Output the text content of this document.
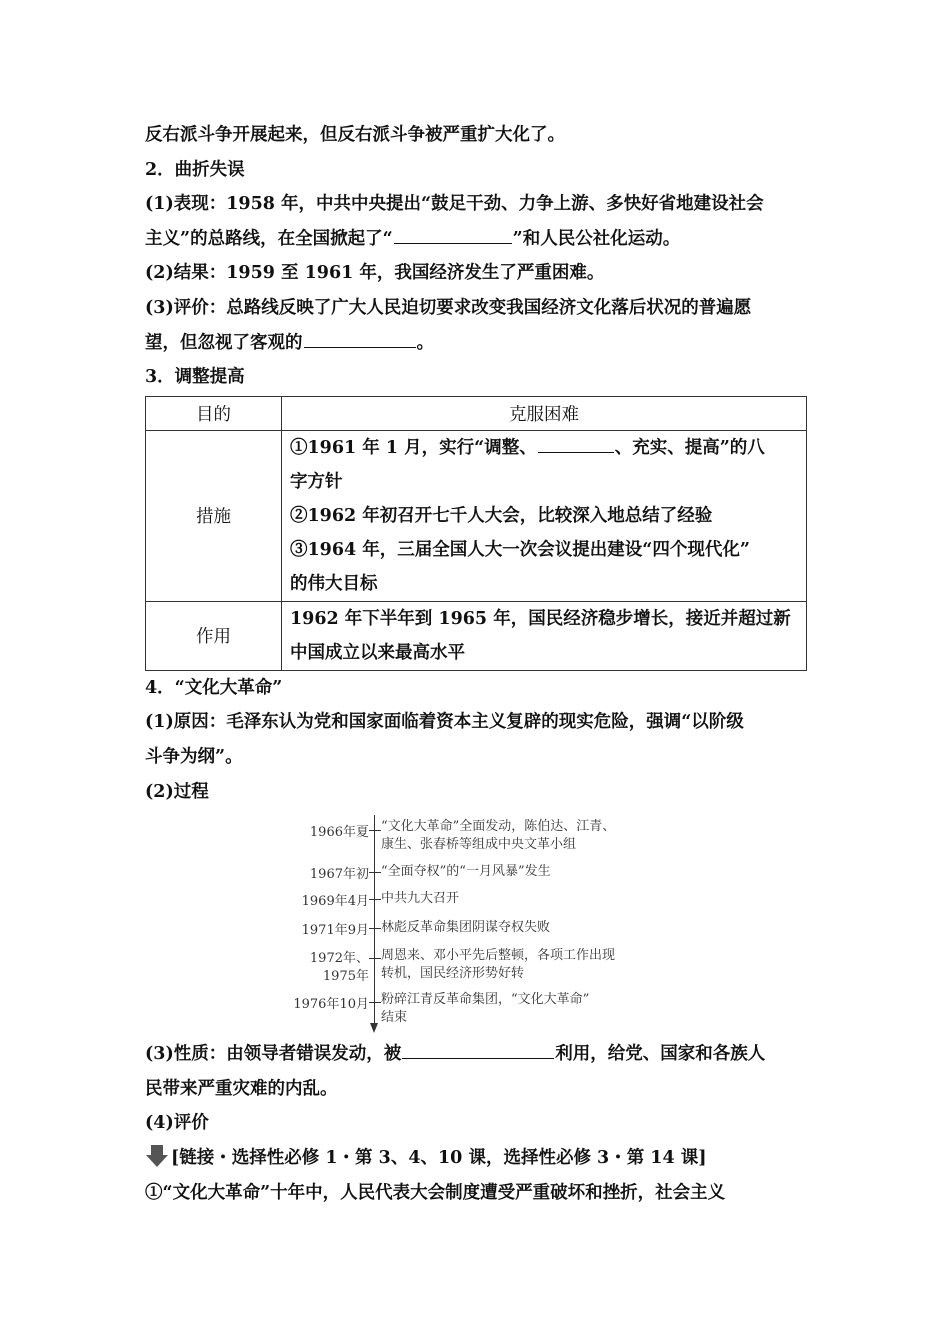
反右派斗争开展起来，但反右派斗争被严重扩大化了。
2．曲折失误
(1)表现：1958 年，中共中央提出“鼓足干劲、力争上游、多快好省地建设社会
主义”的总路线，在全国掀起了“	”和人民公社化运动。
(2)结果：1959 至 1961 年，我国经济发生了严重困难。
(3)评价：总路线反映了广大人民迫切要求改变我国经济文化落后状况的普遍愿
望，但忽视了客观的	。
3．调整提高
目的	克服困难
措施	①1961 年 1 月，实行“调整、 、充实、提高”的八
字方针
②1962 年初召开七千人大会，比较深入地总结了经验
③1964 年，三届全国人大一次会议提出建设“四个现代化”
的伟大目标

作用	1962 年下半年到 1965 年，国民经济稳步增长，接近并超过新
中国成立以来最高水平
4．“文化大革命”
(1)原因：毛泽东认为党和国家面临着资本主义复辟的现实危险，强调“以阶级
斗争为纲”。
(2)过程
1966年夏 “文化大革命”全面发动，陈伯达、江青、
康生、张春桥等组成中央文革小组
1967年初 “全面夺权”的“一月风暴”发生
1969年4月 中共九大召开
1971年9月 林彪反革命集团阴谋夺权失败
1972年、
1975年
周恩来、邓小平先后整顿，各项工作出现
转机，国民经济形势好转
1976年10月 粉碎江青反革命集团，“文化大革命”
结束
(3)性质：由领导者错误发动，被	利用，给党、国家和各族人
民带来严重灾难的内乱。
(4)评价
[链接・选择性必修 1・第 3、4、10 课，选择性必修 3・第 14 课]
①“文化大革命”十年中，人民代表大会制度遭受严重破坏和挫折，社会主义
